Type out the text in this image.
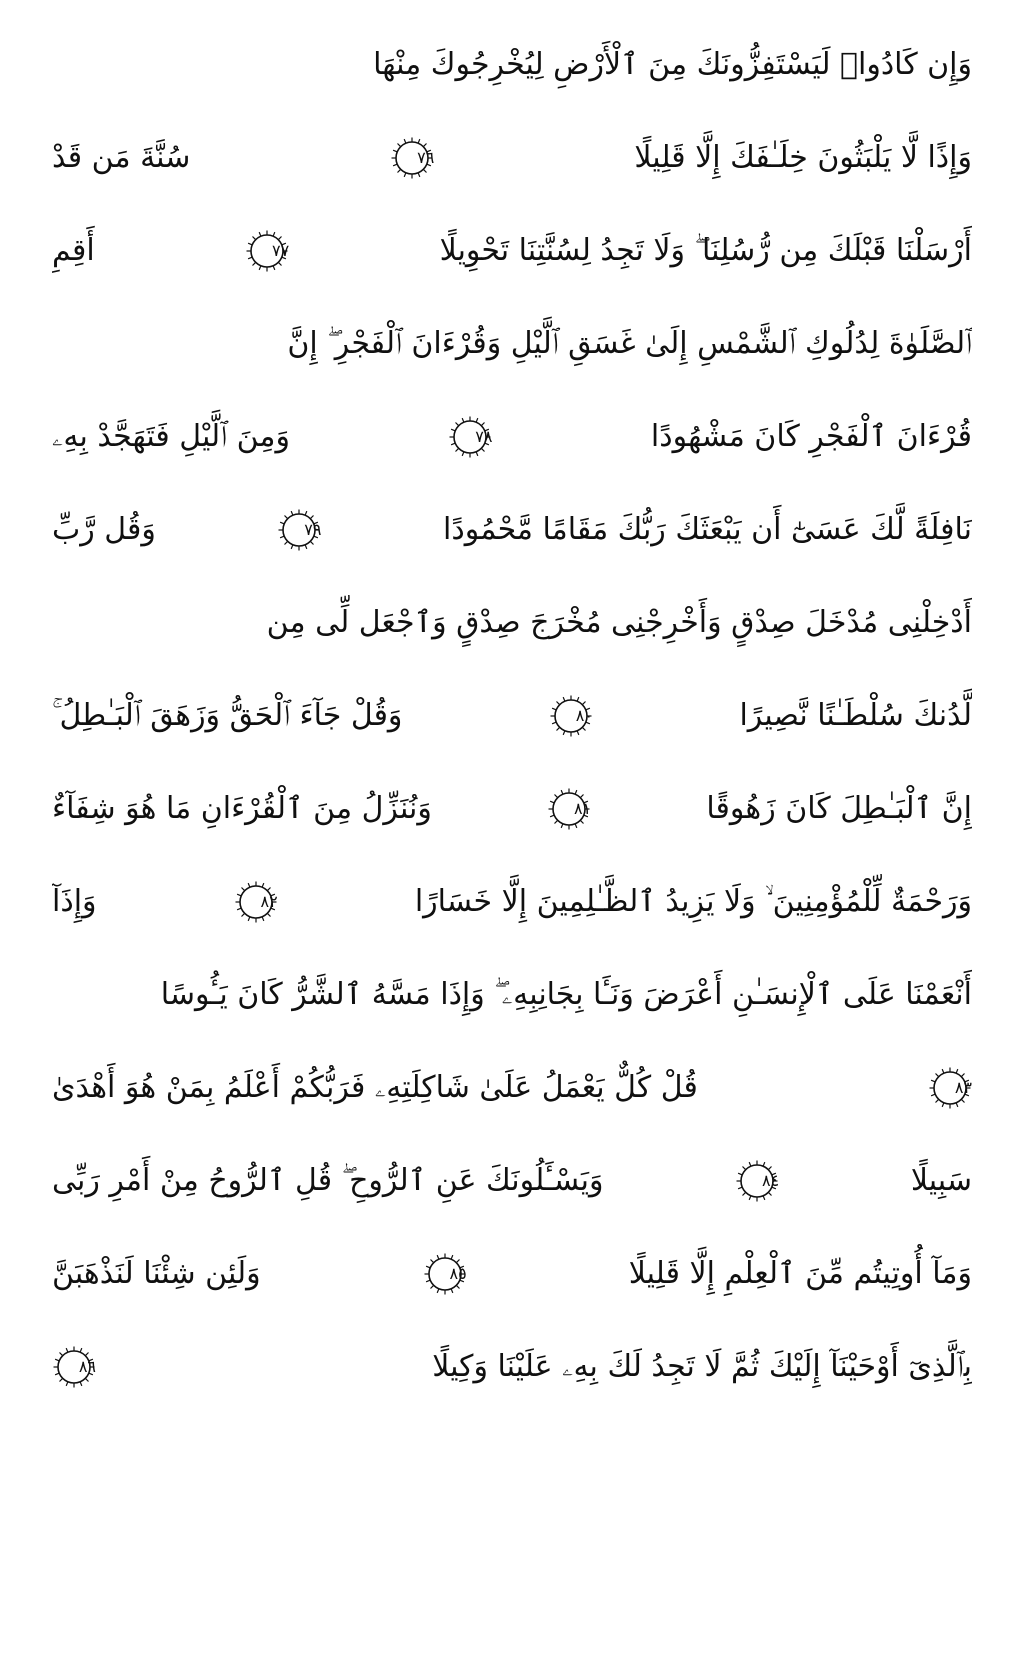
وَإِن كَادُوا۟ لَيَسْتَفِزُّونَكَ مِنَ ٱلْأَرْضِ لِيُخْرِجُوكَ مِنْهَا
وَإِذًا لَّا يَلْبَثُونَ خِلَـٰفَكَ إِلَّا قَلِيلًا
٧٦
سُنَّةَ مَن قَدْ
أَرْسَلْنَا قَبْلَكَ مِن رُّسُلِنَا ۖ وَلَا تَجِدُ لِسُنَّتِنَا تَحْوِيلًا
٧٧
أَقِمِ
ٱلصَّلَوٰةَ لِدُلُوكِ ٱلشَّمْسِ إِلَىٰ غَسَقِ ٱلَّيْلِ وَقُرْءَانَ ٱلْفَجْرِ ۖ إِنَّ
قُرْءَانَ ٱلْفَجْرِ كَانَ مَشْهُودًا
٧٨
وَمِنَ ٱلَّيْلِ فَتَهَجَّدْ بِهِۦ
نَافِلَةً لَّكَ عَسَىٰٓ أَن يَبْعَثَكَ رَبُّكَ مَقَامًا مَّحْمُودًا
٧٩
وَقُل رَّبِّ
أَدْخِلْنِى مُدْخَلَ صِدْقٍ وَأَخْرِجْنِى مُخْرَجَ صِدْقٍ وَٱجْعَل لِّى مِن
لَّدُنكَ سُلْطَـٰنًا نَّصِيرًا
٨٠
وَقُلْ جَآءَ ٱلْحَقُّ وَزَهَقَ ٱلْبَـٰطِلُ ۚ
إِنَّ ٱلْبَـٰطِلَ كَانَ زَهُوقًا
٨١
وَنُنَزِّلُ مِنَ ٱلْقُرْءَانِ مَا هُوَ شِفَآءٌ
وَرَحْمَةٌ لِّلْمُؤْمِنِينَ ۙ وَلَا يَزِيدُ ٱلظَّـٰلِمِينَ إِلَّا خَسَارًا
٨٢
وَإِذَآ
أَنْعَمْنَا عَلَى ٱلْإِنسَـٰنِ أَعْرَضَ وَنَـَٔا بِجَانِبِهِۦ ۖ وَإِذَا مَسَّهُ ٱلشَّرُّ كَانَ يَـُٔوسًا
٨٣
قُلْ كُلٌّ يَعْمَلُ عَلَىٰ شَاكِلَتِهِۦ فَرَبُّكُمْ أَعْلَمُ بِمَنْ هُوَ أَهْدَىٰ
سَبِيلًا
٨٤
وَيَسْـَٔلُونَكَ عَنِ ٱلرُّوحِ ۖ قُلِ ٱلرُّوحُ مِنْ أَمْرِ رَبِّى
وَمَآ أُوتِيتُم مِّنَ ٱلْعِلْمِ إِلَّا قَلِيلًا
٨٥
وَلَئِن شِئْنَا لَنَذْهَبَنَّ
بِٱلَّذِىٓ أَوْحَيْنَآ إِلَيْكَ ثُمَّ لَا تَجِدُ لَكَ بِهِۦ عَلَيْنَا وَكِيلًا
٨٦
